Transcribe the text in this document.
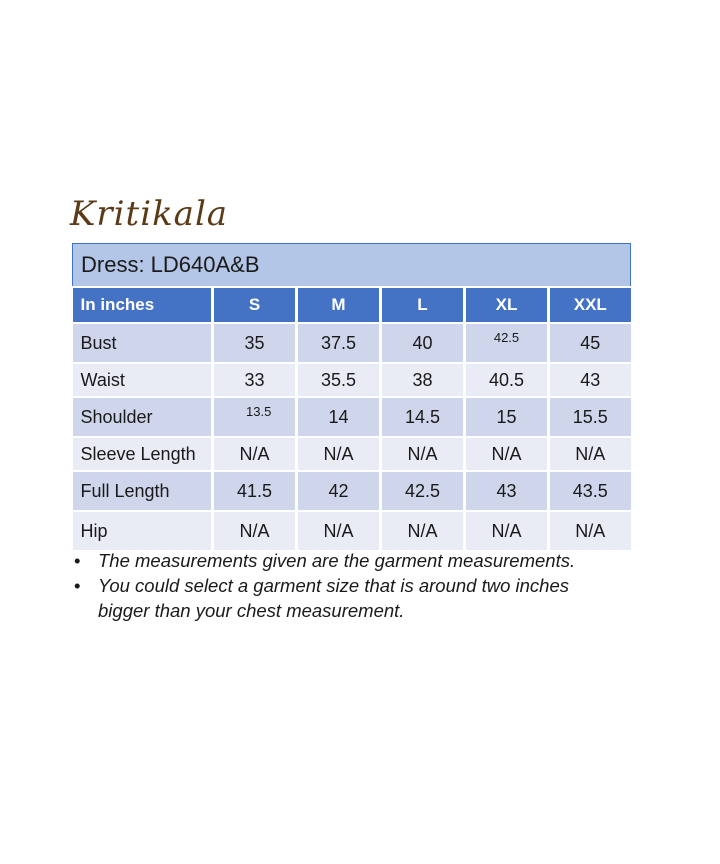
Kritikala
Dress: LD640A&B					
In inches	S	M	L	XL	XXL
Bust	35	37.5	40	42.5	45
Waist	33	35.5	38	40.5	43
Shoulder	13.5	14	14.5	15	15.5
Sleeve Length	N/A	N/A	N/A	N/A	N/A
Full Length	41.5	42	42.5	43	43.5
Hip	N/A	N/A	N/A	N/A	N/A
• The measurements given are the garment measurements.
• You could select a garment size that is around two inches bigger than your chest measurement.
